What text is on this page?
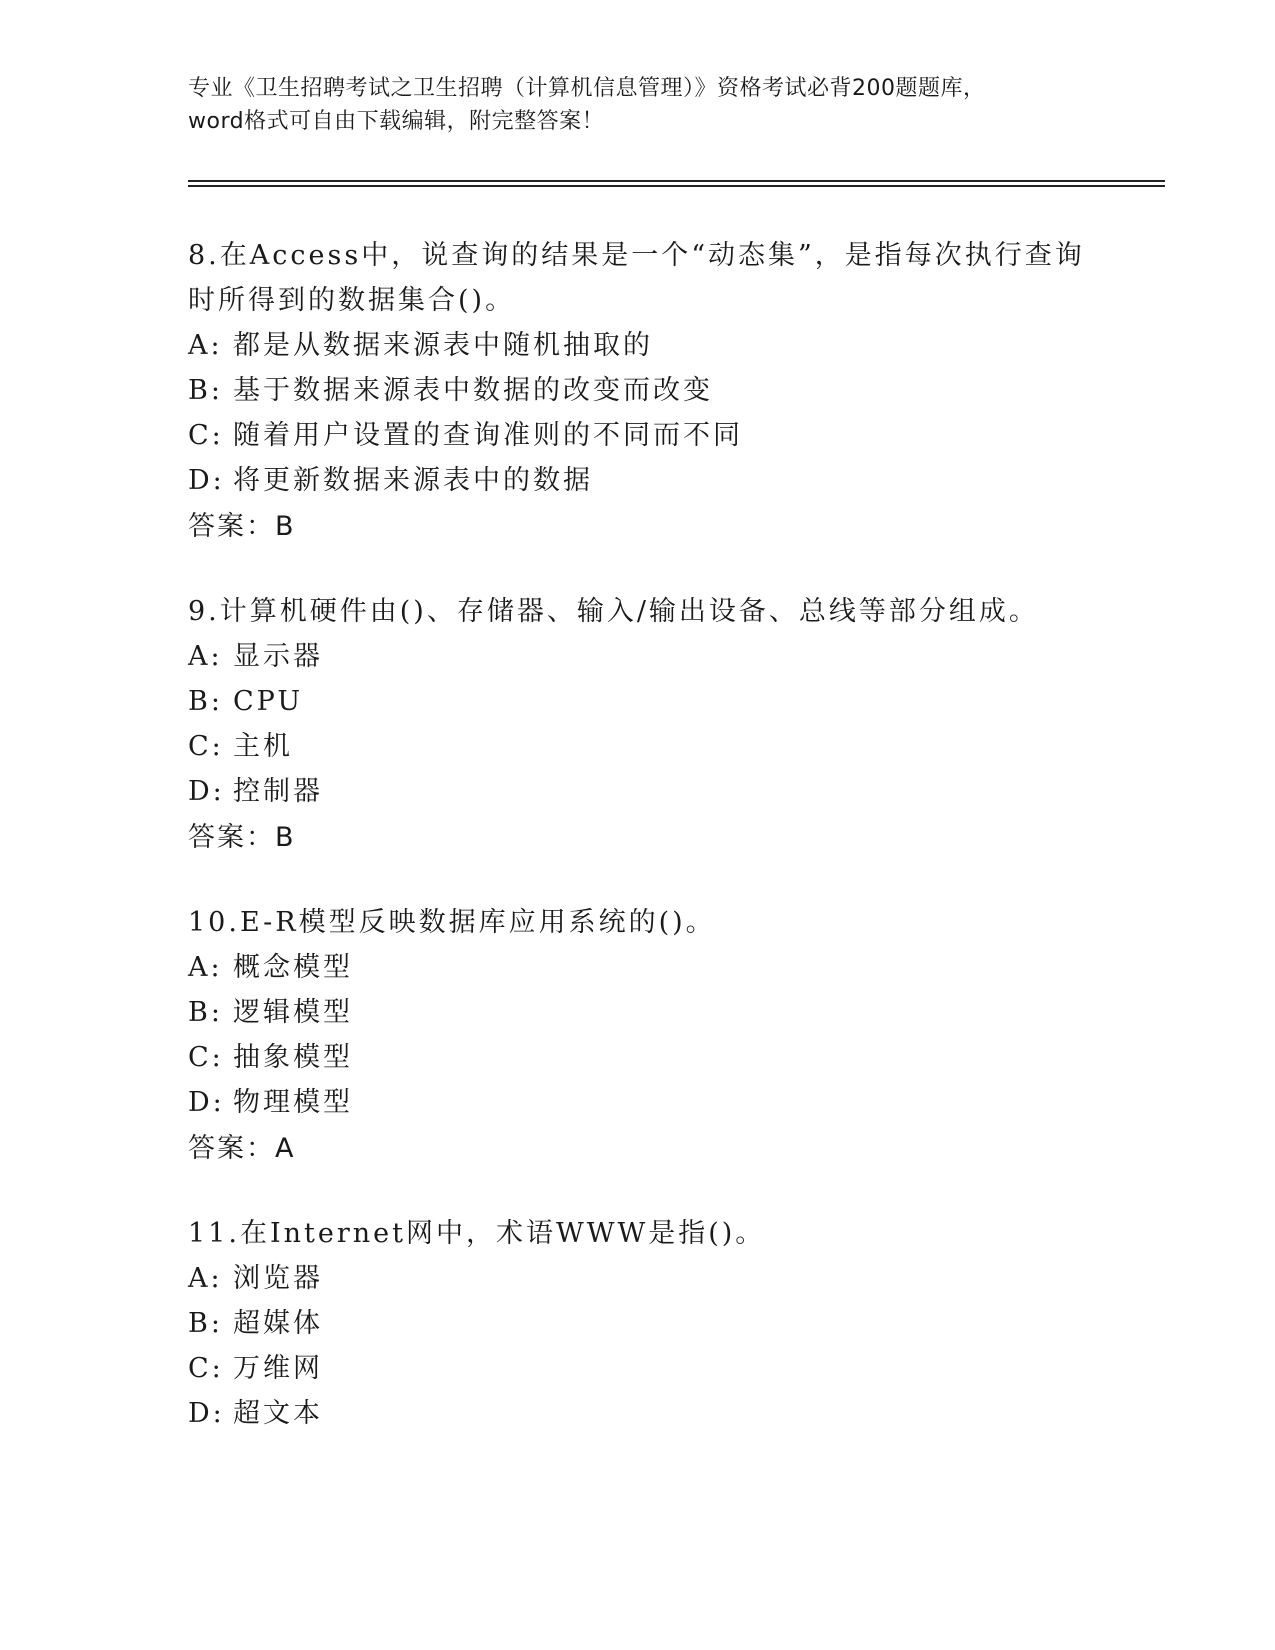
专业《卫生招聘考试之卫生招聘（计算机信息管理）》资格考试必背200题题库，
word格式可自由下载编辑，附完整答案！

8.在Access中，说查询的结果是一个“动态集”，是指每次执行查询时所得到的数据集合()。

A: 都是从数据来源表中随机抽取的
B: 基于数据来源表中数据的改变而改变
C: 随着用户设置的查询准则的不同而不同
D: 将更新数据来源表中的数据
答案：B

9.计算机硬件由()、存储器、输入/输出设备、总线等部分组成。

A: 显示器
B: CPU
C: 主机
D: 控制器
答案：B

10.E-R模型反映数据库应用系统的()。

A: 概念模型
B: 逻辑模型
C: 抽象模型
D: 物理模型
答案：A

11.在Internet网中，术语WWW是指()。

A: 浏览器
B: 超媒体
C: 万维网
D: 超文本
